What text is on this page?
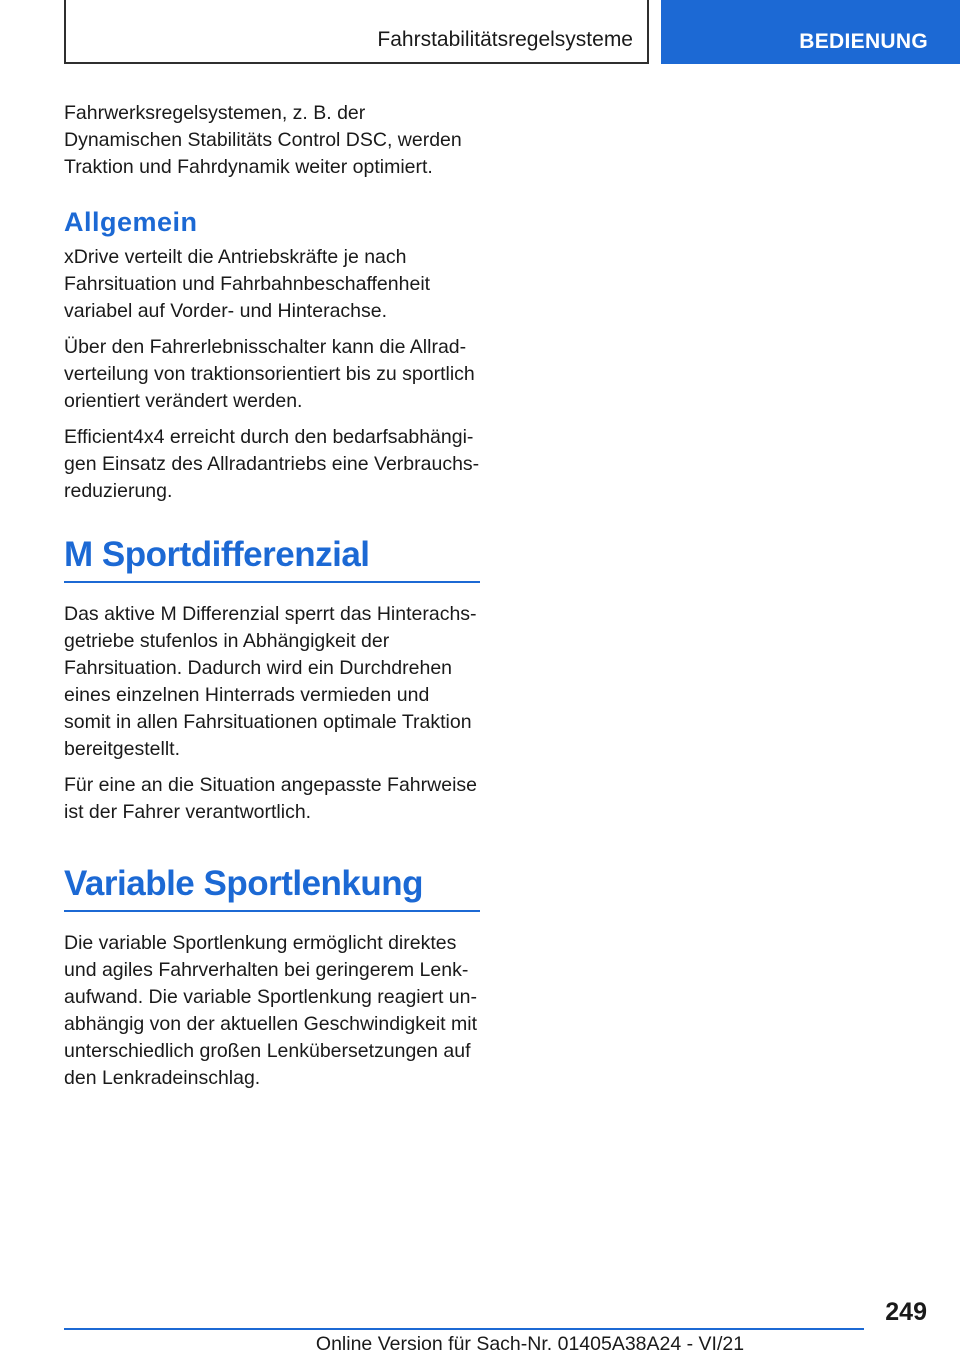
Fahrstabilitätsregelsysteme	BEDIENUNG

Fahrwerksregelsystemen, z. B. der Dynamischen Stabilitäts Control DSC, werden Traktion und Fahrdynamik weiter optimiert.

Allgemein

xDrive verteilt die Antriebskräfte je nach Fahrsituation und Fahrbahnbeschaffenheit variabel auf Vorder- und Hinterachse.

Über den Fahrerlebnisschalter kann die Allradverteilung von traktionsorientiert bis zu sportlich orientiert verändert werden.

Efficient4x4 erreicht durch den bedarfsabhängigen Einsatz des Allradantriebs eine Verbrauchsreduzierung.

M Sportdifferenzial

Das aktive M Differenzial sperrt das Hinterachsgetriebe stufenlos in Abhängigkeit der Fahrsituation. Dadurch wird ein Durchdrehen eines einzelnen Hinterrads vermieden und somit in allen Fahrsituationen optimale Traktion bereitgestellt.

Für eine an die Situation angepasste Fahrweise ist der Fahrer verantwortlich.

Variable Sportlenkung

Die variable Sportlenkung ermöglicht direktes und agiles Fahrverhalten bei geringerem Lenkaufwand. Die variable Sportlenkung reagiert unabhängig von der aktuellen Geschwindigkeit mit unterschiedlich großen Lenkübersetzungen auf den Lenkradeinschlag.

249
Online Version für Sach-Nr. 01405A38A24 - VI/21
